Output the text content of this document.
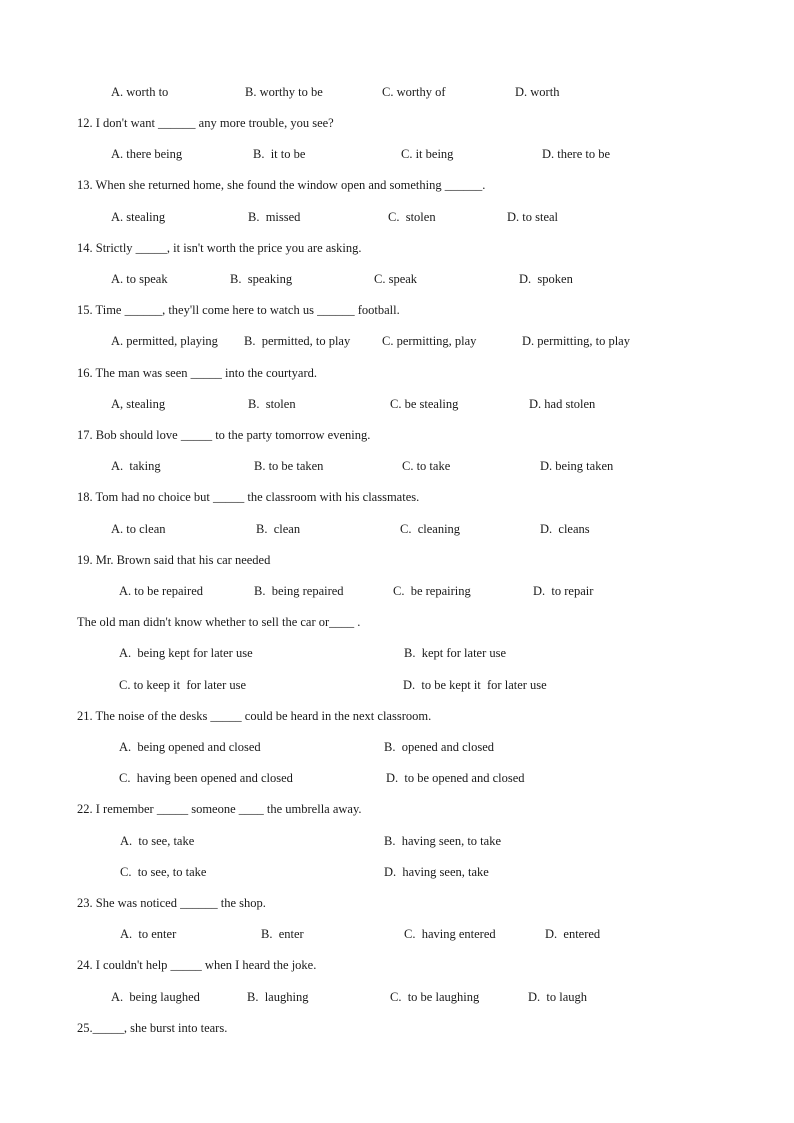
A. worth to	B. worthy to be	C. worthy of	D. worth
12. I don't want ______ any more trouble, you see?
A. there being	B.  it to be	C. it being	D. there to be
13. When she returned home, she found the window open and something ______.
A. stealing	B.  missed	C.  stolen	D. to steal
14. Strictly _____, it isn't worth the price you are asking.
A. to speak	B.  speaking	C. speak	D.  spoken
15. Time ______, they'll come here to watch us ______ football.
A. permitted, playing B.  permitted, to play	C. permitting, play	D. permitting, to play
16. The man was seen _____ into the courtyard.
A, stealing	B.  stolen	C. be stealing	D. had stolen
17. Bob should love _____ to the party tomorrow evening.
A.  taking	B. to be taken	C. to take	D. being taken
18. Tom had no choice but _____ the classroom with his classmates.
A. to clean	B.  clean	C.  cleaning	D.  cleans
19. Mr. Brown said that his car needed
A. to be repaired	B.  being repaired	C.  be repairing	D.  to repair
The old man didn't know whether to sell the car or____ .
A.  being kept for later use	B.  kept for later use
C. to keep it  for later use	D.  to be kept it  for later use
21. The noise of the desks _____ could be heard in the next classroom.
A.  being opened and closed	B.  opened and closed
C.  having been opened and closed	D.  to be opened and closed
22. I remember _____ someone ____ the umbrella away.
A.  to see, take	B.  having seen, to take
C.  to see, to take	D.  having seen, take
23. She was noticed ______ the shop.
A.  to enter	B.  enter	C.  having entered	D.  entered
24. I couldn't help _____ when I heard the joke.
A.  being laughed	B.  laughing	C.  to be laughing	D.  to laugh
25._____, she burst into tears.
